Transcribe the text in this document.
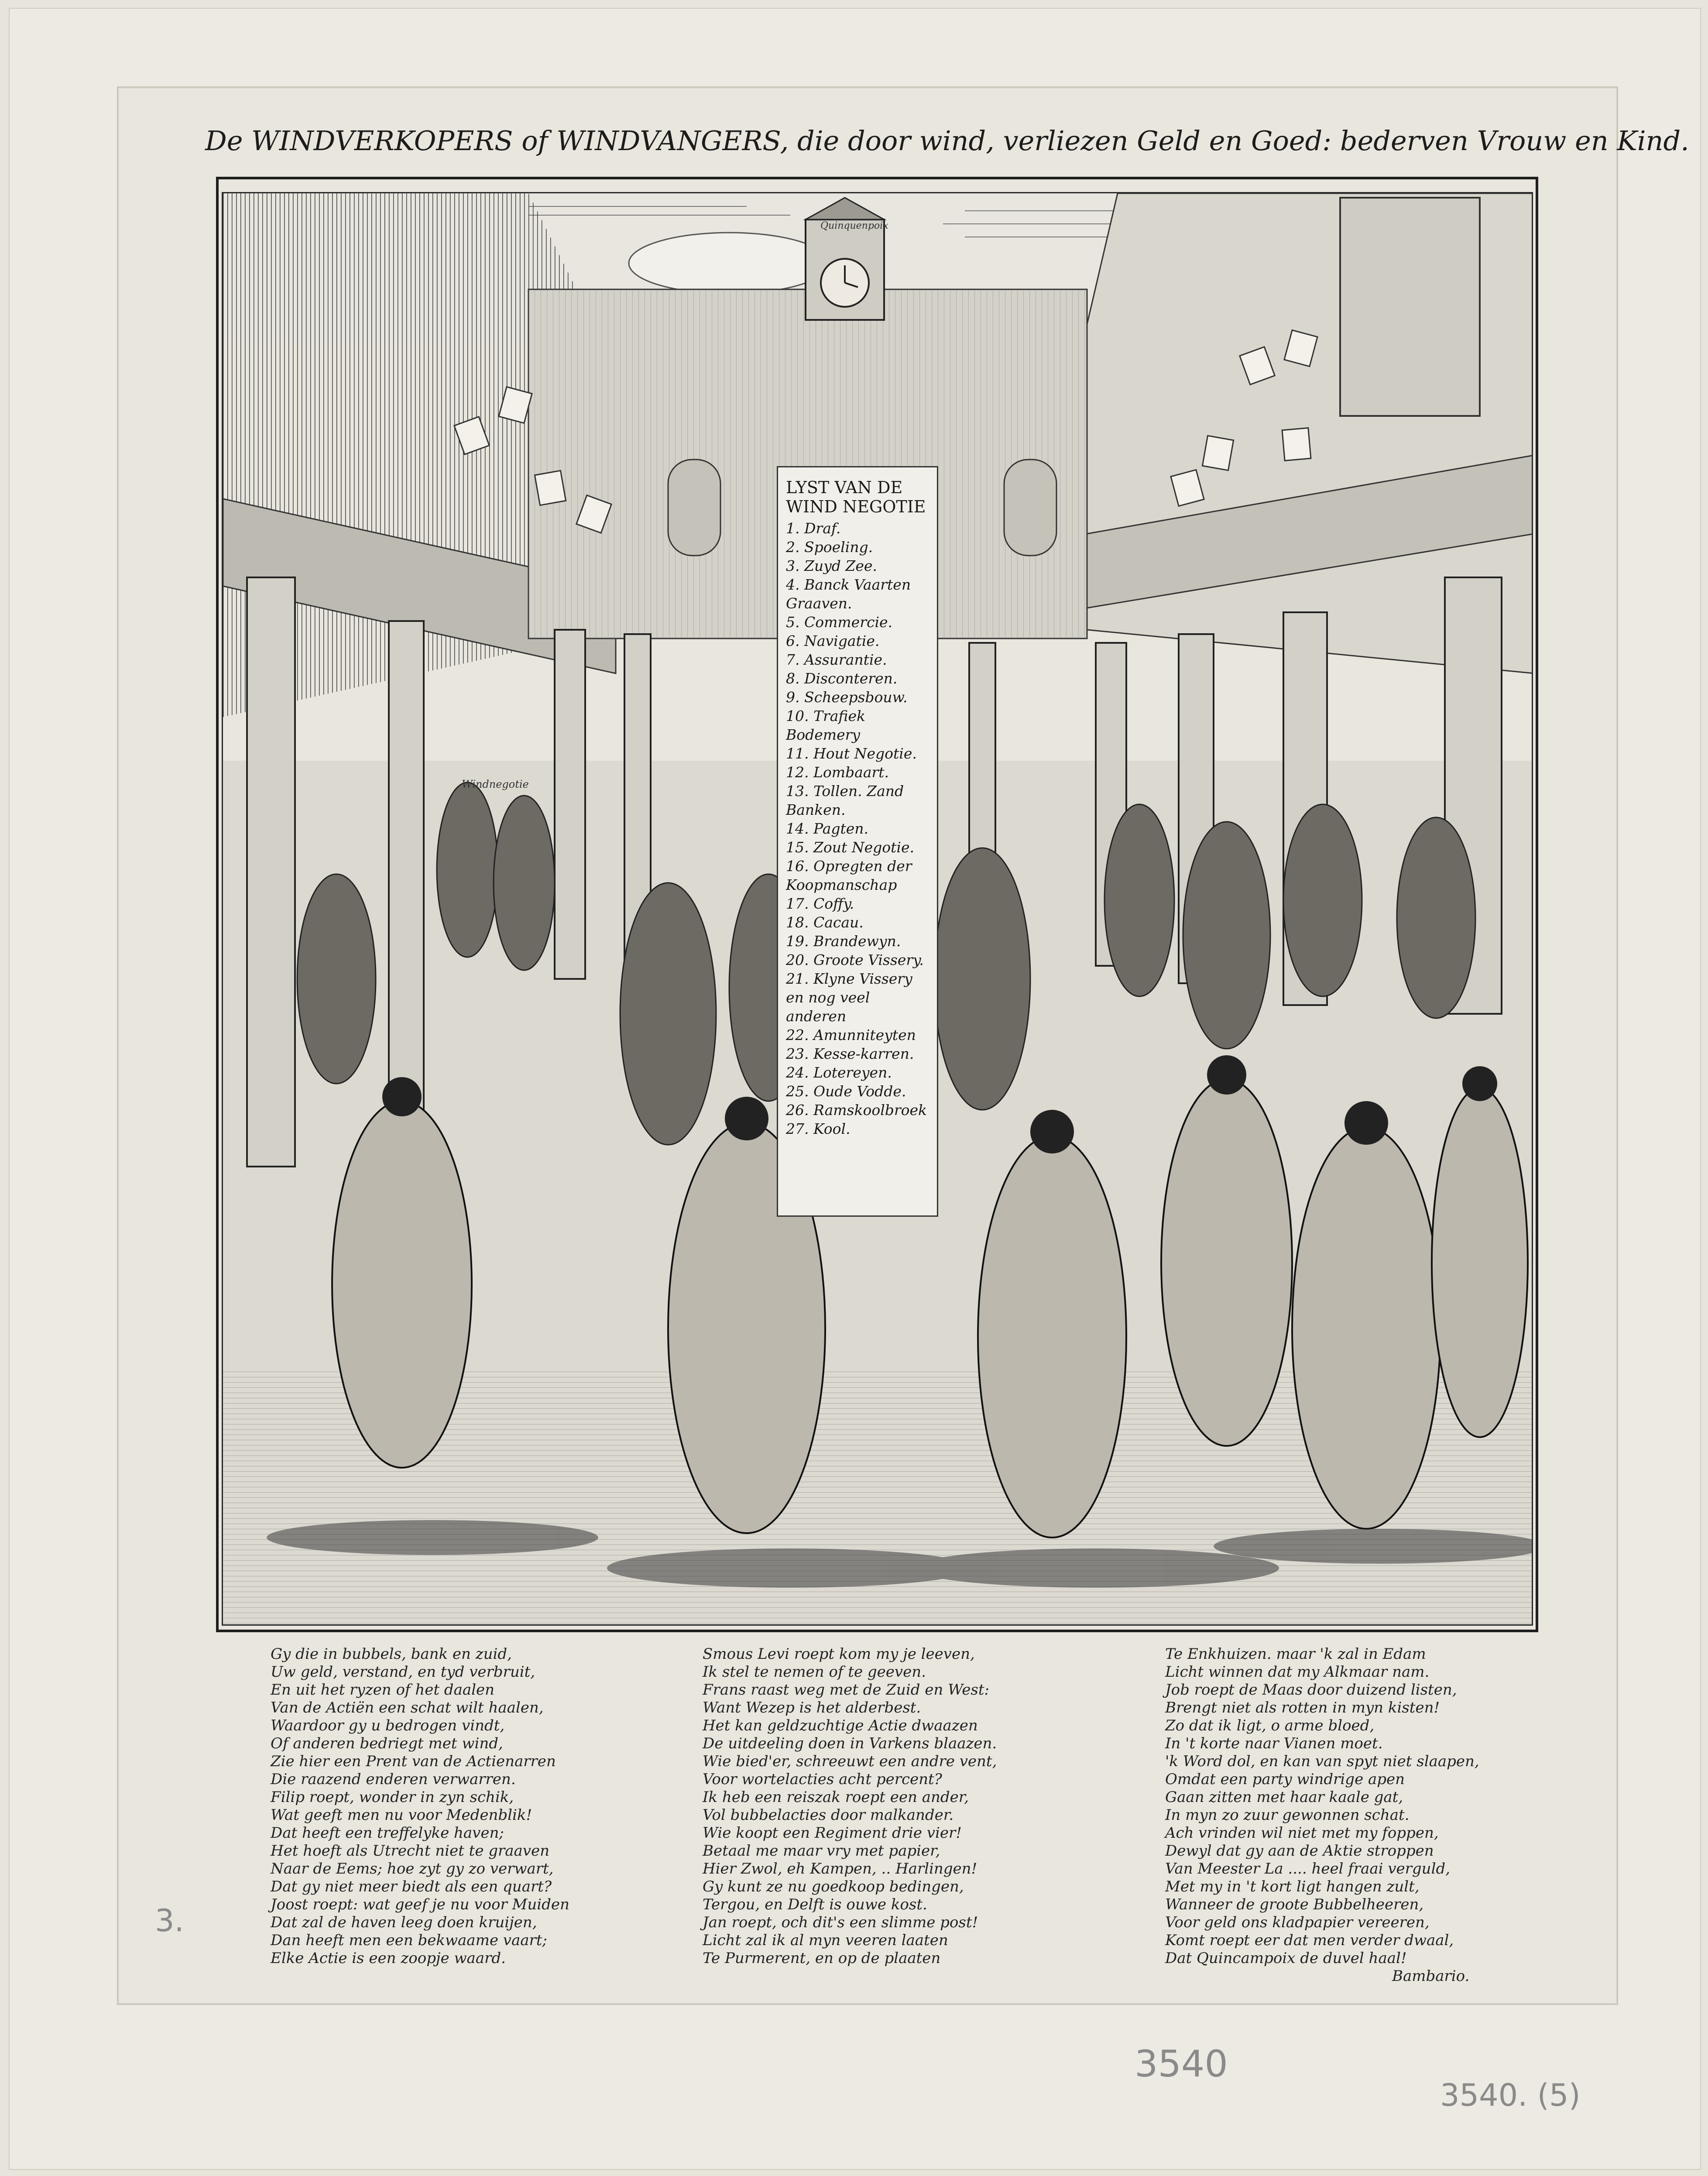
De WINDVERKOPERS of WINDVANGERS, die door wind, verliezen Geld en Goed: bederven Vrouw en Kind.
Quinquenpoix
Windnegotie
LYST VAN DE WIND NEGOTIE
1. Draf.
2. Spoeling.
3. Zuyd Zee.
4. Banck Vaarten Graaven.
5. Commercie.
6. Navigatie.
7. Assurantie.
8. Disconteren.
9. Scheepsbouw.
10. Trafiek Bodemery
11. Hout Negotie.
12. Lombaart.
13. Tollen. Zand Banken.
14. Pagten.
15. Zout Negotie.
16. Opregten der Koopmanschap
17. Coffy.
18. Cacau.
19. Brandewyn.
20. Groote Vissery.
21. Klyne Vissery en nog veel anderen
22. Amunniteyten
23. Kesse-karren.
24. Lotereyen.
25. Oude Vodde.
26. Ramskoolbroek
27. Kool.
Gy die in bubbels, bank en zuid,
Uw geld, verstand, en tyd verbruit,
En uit het ryzen of het daalen
Van de Actiën een schat wilt haalen,
Waardoor gy u bedrogen vindt,
Of anderen bedriegt met wind,
Zie hier een Prent van de Actienarren
Die raazend enderen verwarren.
Filip roept, wonder in zyn schik,
Wat geeft men nu voor Medenblik!
Dat heeft een treffelyke haven;
Het hoeft als Utrecht niet te graaven
Naar de Eems; hoe zyt gy zo verwart,
Dat gy niet meer biedt als een quart?
Joost roept: wat geef je nu voor Muiden
Dat zal de haven leeg doen kruijen,
Dan heeft men een bekwaame vaart;
Elke Actie is een zoopje waard.
Smous Levi roept kom my je leeven,
Ik stel te nemen of te geeven.
Frans raast weg met de Zuid en West:
Want Wezep is het alderbest.
Het kan geldzuchtige Actie dwaazen
De uitdeeling doen in Varkens blaazen.
Wie bied'er, schreeuwt een andre vent,
Voor wortelacties acht percent?
Ik heb een reiszak roept een ander,
Vol bubbelacties door malkander.
Wie koopt een Regiment drie vier!
Betaal me maar vry met papier,
Hier Zwol, eh Kampen, .. Harlingen!
Gy kunt ze nu goedkoop bedingen,
Tergou, en Delft is ouwe kost.
Jan roept, och dit's een slimme post!
Licht zal ik al myn veeren laaten
Te Purmerent, en op de plaaten
Te Enkhuizen. maar 'k zal in Edam
Licht winnen dat my Alkmaar nam.
Job roept de Maas door duizend listen,
Brengt niet als rotten in myn kisten!
Zo dat ik ligt, o arme bloed,
In 't korte naar Vianen moet.
'k Word dol, en kan van spyt niet slaapen,
Omdat een party windrige apen
Gaan zitten met haar kaale gat,
In myn zo zuur gewonnen schat.
Ach vrinden wil niet met my foppen,
Dewyl dat gy aan de Aktie stroppen
Van Meester La .... heel fraai verguld,
Met my in 't kort ligt hangen zult,
Wanneer de groote Bubbelheeren,
Voor geld ons kladpapier vereeren,
Komt roept eer dat men verder dwaal,
Dat Quincampoix de duvel haal!
Bambario.
3.
3540
3540. (5)
